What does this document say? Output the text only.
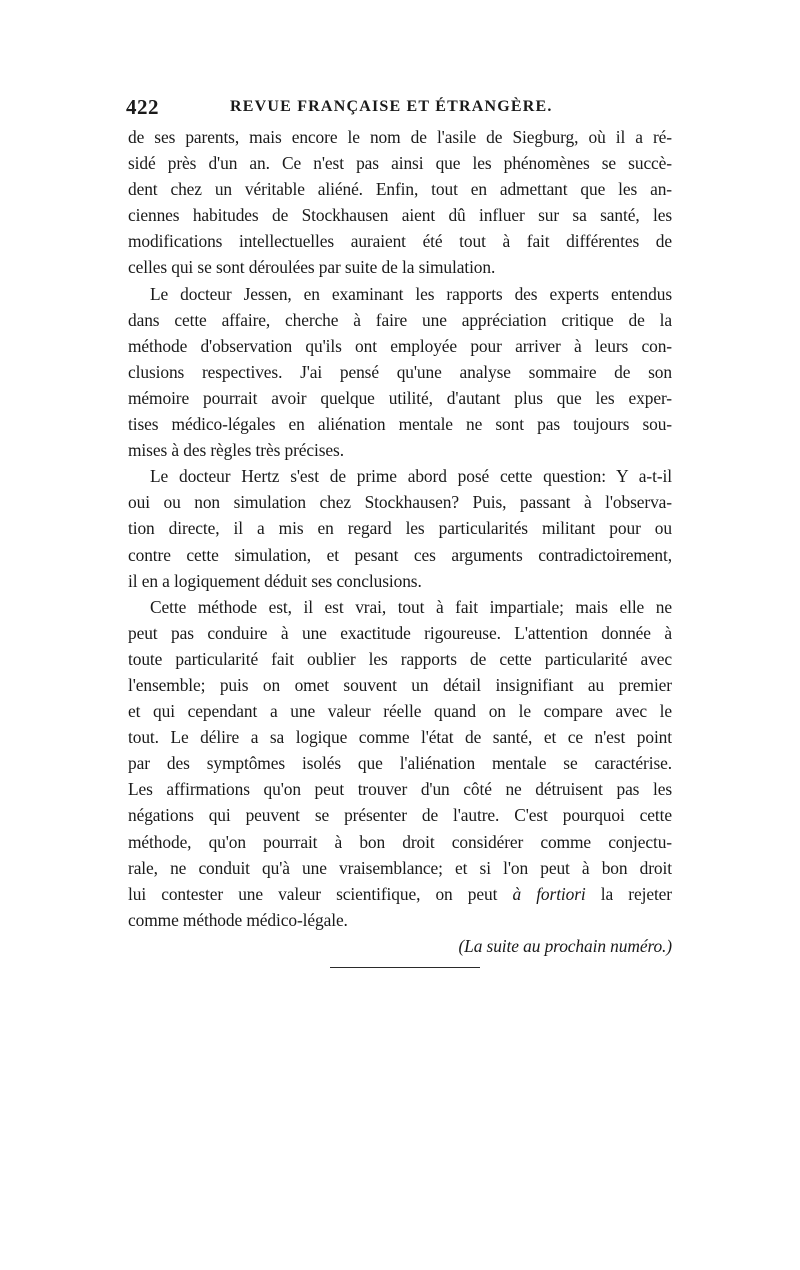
422	REVUE FRANÇAISE ET ÉTRANGÈRE.
de ses parents, mais encore le nom de l'asile de Siegburg, où il a ré-
sidé près d'un an. Ce n'est pas ainsi que les phénomènes se succè-
dent chez un véritable aliéné. Enfin, tout en admettant que les an-
ciennes habitudes de Stockhausen aient dû influer sur sa santé, les
modifications intellectuelles auraient été tout à fait différentes de
celles qui se sont déroulées par suite de la simulation.
Le docteur Jessen, en examinant les rapports des experts entendus
dans cette affaire, cherche à faire une appréciation critique de la
méthode d'observation qu'ils ont employée pour arriver à leurs con-
clusions respectives. J'ai pensé qu'une analyse sommaire de son
mémoire pourrait avoir quelque utilité, d'autant plus que les exper-
tises médico-légales en aliénation mentale ne sont pas toujours sou-
mises à des règles très précises.
Le docteur Hertz s'est de prime abord posé cette question: Y a-t-il
oui ou non simulation chez Stockhausen? Puis, passant à l'observa-
tion directe, il a mis en regard les particularités militant pour ou
contre cette simulation, et pesant ces arguments contradictoirement,
il en a logiquement déduit ses conclusions.
Cette méthode est, il est vrai, tout à fait impartiale; mais elle ne
peut pas conduire à une exactitude rigoureuse. L'attention donnée à
toute particularité fait oublier les rapports de cette particularité avec
l'ensemble; puis on omet souvent un détail insignifiant au premier
et qui cependant a une valeur réelle quand on le compare avec le
tout. Le délire a sa logique comme l'état de santé, et ce n'est point
par des symptômes isolés que l'aliénation mentale se caractérise.
Les affirmations qu'on peut trouver d'un côté ne détruisent pas les
négations qui peuvent se présenter de l'autre. C'est pourquoi cette
méthode, qu'on pourrait à bon droit considérer comme conjectu-
rale, ne conduit qu'à une vraisemblance; et si l'on peut à bon droit
lui contester une valeur scientifique, on peut à fortiori la rejeter
comme méthode médico-légale.
(La suite au prochain numéro.)
